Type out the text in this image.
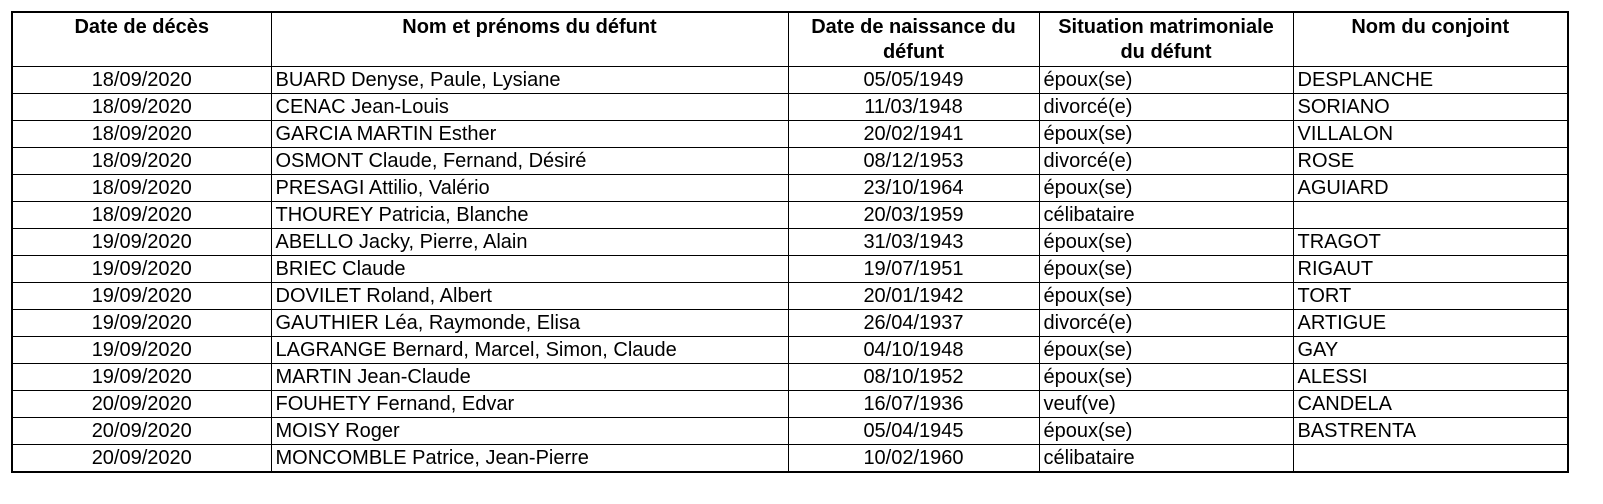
Date de décès	Nom et prénoms du défunt	Date de naissance du défunt	Situation matrimoniale du défunt	Nom du conjoint
18/09/2020	BUARD Denyse, Paule, Lysiane	05/05/1949	époux(se)	DESPLANCHE
18/09/2020	CENAC Jean-Louis	11/03/1948	divorcé(e)	SORIANO
18/09/2020	GARCIA MARTIN Esther	20/02/1941	époux(se)	VILLALON
18/09/2020	OSMONT Claude, Fernand, Désiré	08/12/1953	divorcé(e)	ROSE
18/09/2020	PRESAGI Attilio, Valério	23/10/1964	époux(se)	AGUIARD
18/09/2020	THOUREY Patricia, Blanche	20/03/1959	célibataire	
19/09/2020	ABELLO Jacky, Pierre, Alain	31/03/1943	époux(se)	TRAGOT
19/09/2020	BRIEC Claude	19/07/1951	époux(se)	RIGAUT
19/09/2020	DOVILET Roland, Albert	20/01/1942	époux(se)	TORT
19/09/2020	GAUTHIER Léa, Raymonde, Elisa	26/04/1937	divorcé(e)	ARTIGUE
19/09/2020	LAGRANGE Bernard, Marcel, Simon, Claude	04/10/1948	époux(se)	GAY
19/09/2020	MARTIN Jean-Claude	08/10/1952	époux(se)	ALESSI
20/09/2020	FOUHETY Fernand, Edvar	16/07/1936	veuf(ve)	CANDELA
20/09/2020	MOISY Roger	05/04/1945	époux(se)	BASTRENTA
20/09/2020	MONCOMBLE Patrice, Jean-Pierre	10/02/1960	célibataire	
